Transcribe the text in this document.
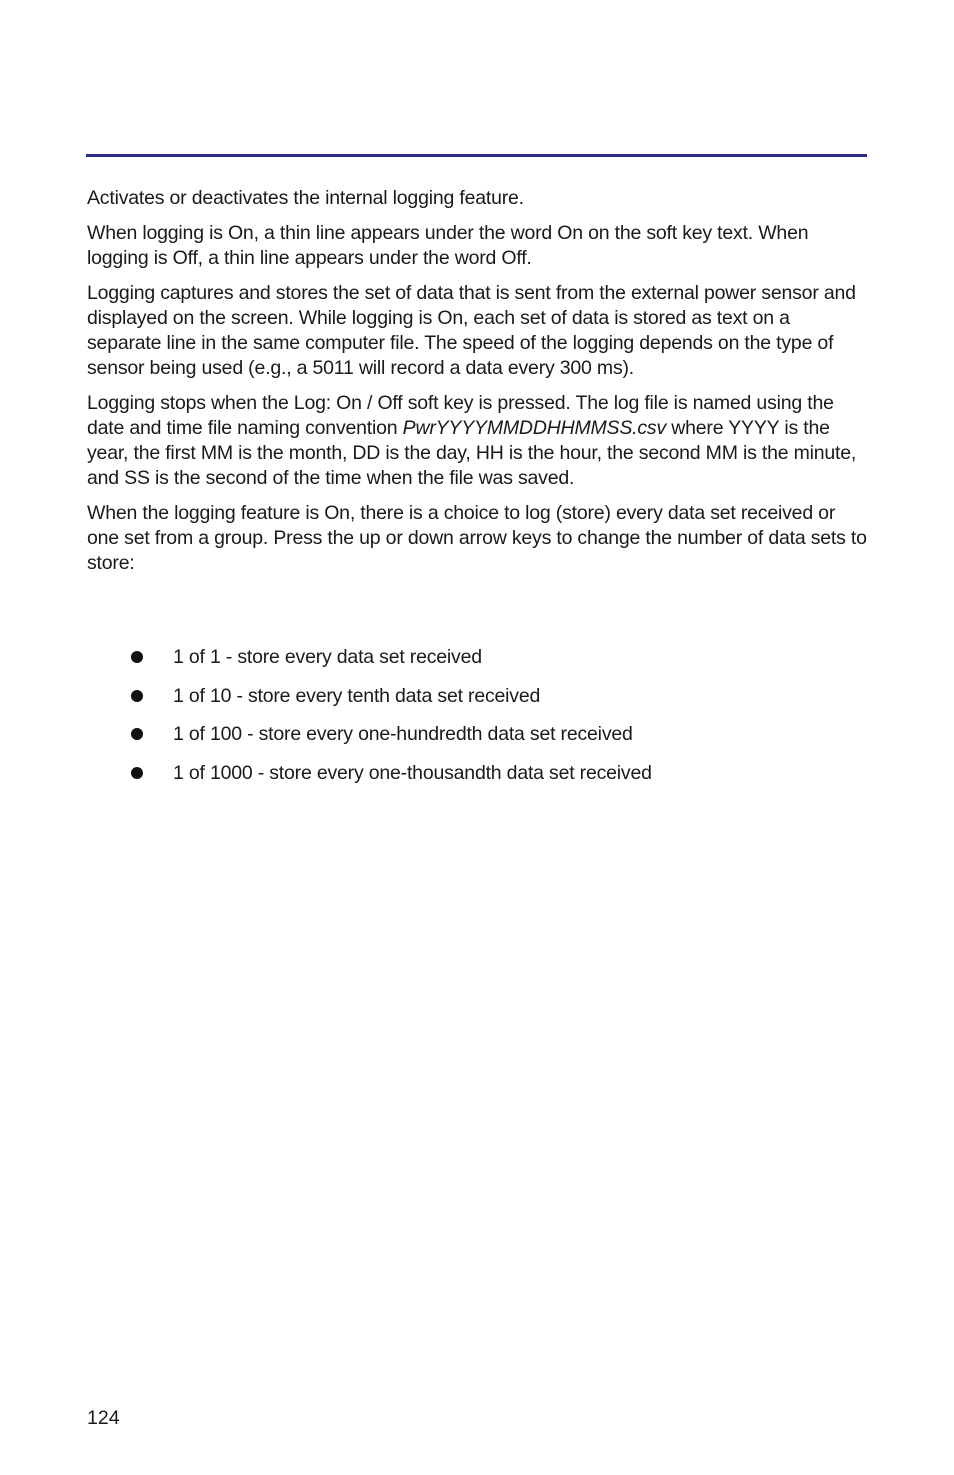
Activates or deactivates the internal logging feature.

When logging is On, a thin line appears under the word On on the soft key text. When logging is Off, a thin line appears under the word Off.

Logging captures and stores the set of data that is sent from the external power sensor and displayed on the screen. While logging is On, each set of data is stored as text on a separate line in the same computer file. The speed of the logging depends on the type of sensor being used (e.g., a 5011 will record a data every 300 ms).

Logging stops when the Log: On / Off soft key is pressed. The log file is named using the date and time file naming convention PwrYYYYMMDDHHMMSS.csv where YYYY is the year, the first MM is the month, DD is the day, HH is the hour, the second MM is the minute, and SS is the second of the time when the file was saved.

When the logging feature is On, there is a choice to log (store) every data set received or one set from a group. Press the up or down arrow keys to change the number of data sets to store:

1 of 1 - store every data set received
1 of 10 - store every tenth data set received
1 of 100 - store every one-hundredth data set received
1 of 1000 - store every one-thousandth data set received
124
